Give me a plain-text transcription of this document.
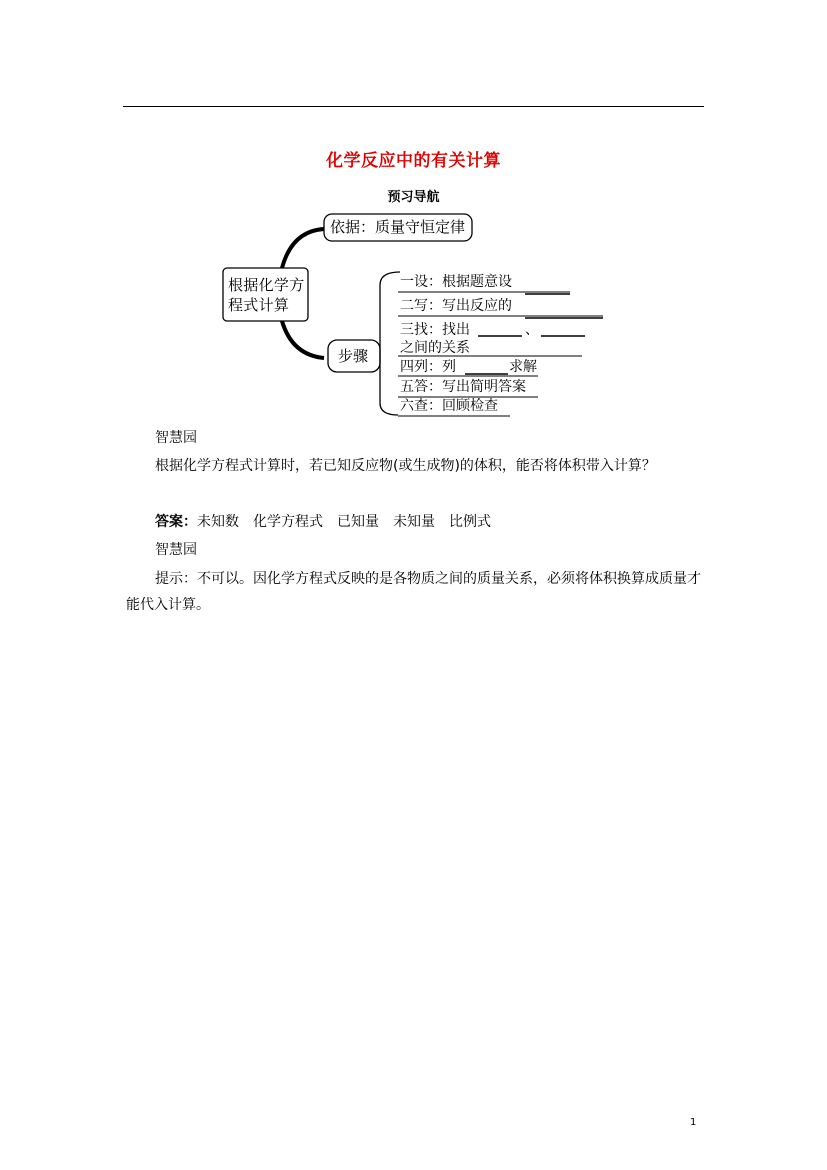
化学反应中的有关计算
预习导航
根据化学方程式计算
依据：质量守恒定律
步骤
一设：根据题意设
二写：写出反应的
三找：找出	、
之间的关系
四列：列	求解
五答：写出简明答案
六查：回顾检查
智慧园
根据化学方程式计算时，若已知反应物(或生成物)的体积，能否将体积带入计算？
答案：未知数 化学方程式 已知量 未知量 比例式
智慧园
提示：不可以。因化学方程式反映的是各物质之间的质量关系，必须将体积换算成质量才能代入计算。
1
